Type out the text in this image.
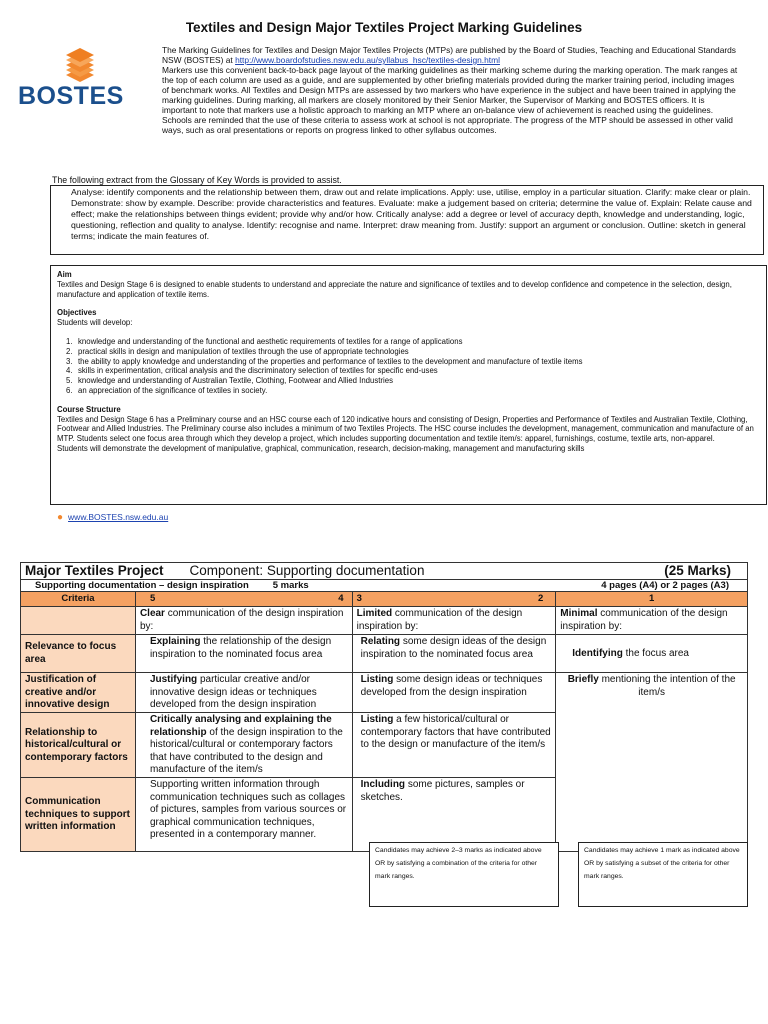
Textiles and Design Major Textiles Project Marking Guidelines
BOSTES

The Marking Guidelines for Textiles and Design Major Textiles Projects (MTPs) are published by the Board of Studies, Teaching and Educational Standards NSW (BOSTES) at http://www.boardofstudies.nsw.edu.au/syllabus_hsc/textiles-design.html

Markers use this convenient back-to-back page layout of the marking guidelines as their marking scheme during the marking operation. The mark ranges at the top of each column are used as a guide, and are supplemented by other briefing materials provided during the marker training period, including images of benchmark works. All Textiles and Design MTPs are assessed by two markers who have experience in the subject and have been trained in applying the marking guidelines. During marking, all markers are closely monitored by their Senior Marker, the Supervisor of Marking and BOSTES officers. It is important to note that markers use a holistic approach to marking an MTP where an on-balance view of achievement is reached using the guidelines.

Schools are reminded that the use of these criteria to assess work at school is not appropriate. The progress of the MTP should be assessed in other valid ways, such as oral presentations or reports on progress linked to other syllabus outcomes.

The following extract from the Glossary of Key Words is provided to assist.
Analyse: identify components and the relationship between them, draw out and relate implications. Apply: use, utilise, employ in a particular situation. Clarify: make clear or plain. Demonstrate: show by example. Describe: provide characteristics and features. Evaluate: make a judgement based on criteria; determine the value of. Explain: Relate cause and effect; make the relationships between things evident; provide why and/or how. Critically analyse: add a degree or level of accuracy depth, knowledge and understanding, logic, questioning, reflection and quality to analyse. Identify: recognise and name. Interpret: draw meaning from. Justify: support an argument or conclusion. Outline: sketch in general terms; indicate the main features of.

Aim

Textiles and Design Stage 6 is designed to enable students to understand and appreciate the nature and significance of textiles and to develop confidence and competence in the selection, design, manufacture and application of textile items.

Objectives

Students will develop:

1. knowledge and understanding of the functional and aesthetic requirements of textiles for a range of applications
2. practical skills in design and manipulation of textiles through the use of appropriate technologies
3. the ability to apply knowledge and understanding of the properties and performance of textiles to the development and manufacture of textile items
4. skills in experimentation, critical analysis and the discriminatory selection of textiles for specific end-uses
5. knowledge and understanding of Australian Textile, Clothing, Footwear and Allied Industries
6. an appreciation of the significance of textiles in society.

Course Structure

Textiles and Design Stage 6 has a Preliminary course and an HSC course each of 120 indicative hours and consisting of Design, Properties and Performance of Textiles and Australian Textile, Clothing, Footwear and Allied Industries. The Preliminary course also includes a minimum of two Textiles Projects. The HSC course includes the development, management, communication and manufacture of an MTP. Students select one focus area through which they develop a project, which includes supporting documentation and textile item/s: apparel, furnishings, costume, textile arts, non-apparel.

Students will demonstrate the development of manipulative, graphical, communication, research, decision-making, management and manufacturing skills

● www.BOSTES.nsw.edu.au
Major Textiles Project Component: Supporting documentation (25 Marks)			

Supporting documentation – design inspiration 5 marks 4 pages (A4) or 2 pages (A3)			

Criteria	5 4	3 2	1
	Clear communication of the design inspiration by:	Limited communication of the design inspiration by:	Minimal communication of the design inspiration by:
Relevance to focus area	Explaining the relationship of the design inspiration to the nominated focus area	Relating some design ideas of the design inspiration to the nominated focus area	Identifying the focus area
Justification of creative and/or innovative design	Justifying particular creative and/or innovative design ideas or techniques developed from the design inspiration	Listing some design ideas or techniques developed from the design inspiration	Briefly mentioning the intention of the item/s
Relationship to historical/cultural or contemporary factors	Critically analysing and explaining the relationship of the design inspiration to the historical/cultural or contemporary factors that have contributed to the design and manufacture of the item/s	Listing a few historical/cultural or contemporary factors that have contributed to the design or manufacture of the item/s	
Communication techniques to support written information	Supporting written information through communication techniques such as collages of pictures, samples from various sources or graphical communication techniques, presented in a contemporary manner.	Including some pictures, samples or sketches.	
Candidates may achieve 2–3 marks as indicated above OR by satisfying a combination of the criteria for other mark ranges.
Candidates may achieve 1 mark as indicated above OR by satisfying a subset of the criteria for other mark ranges.
